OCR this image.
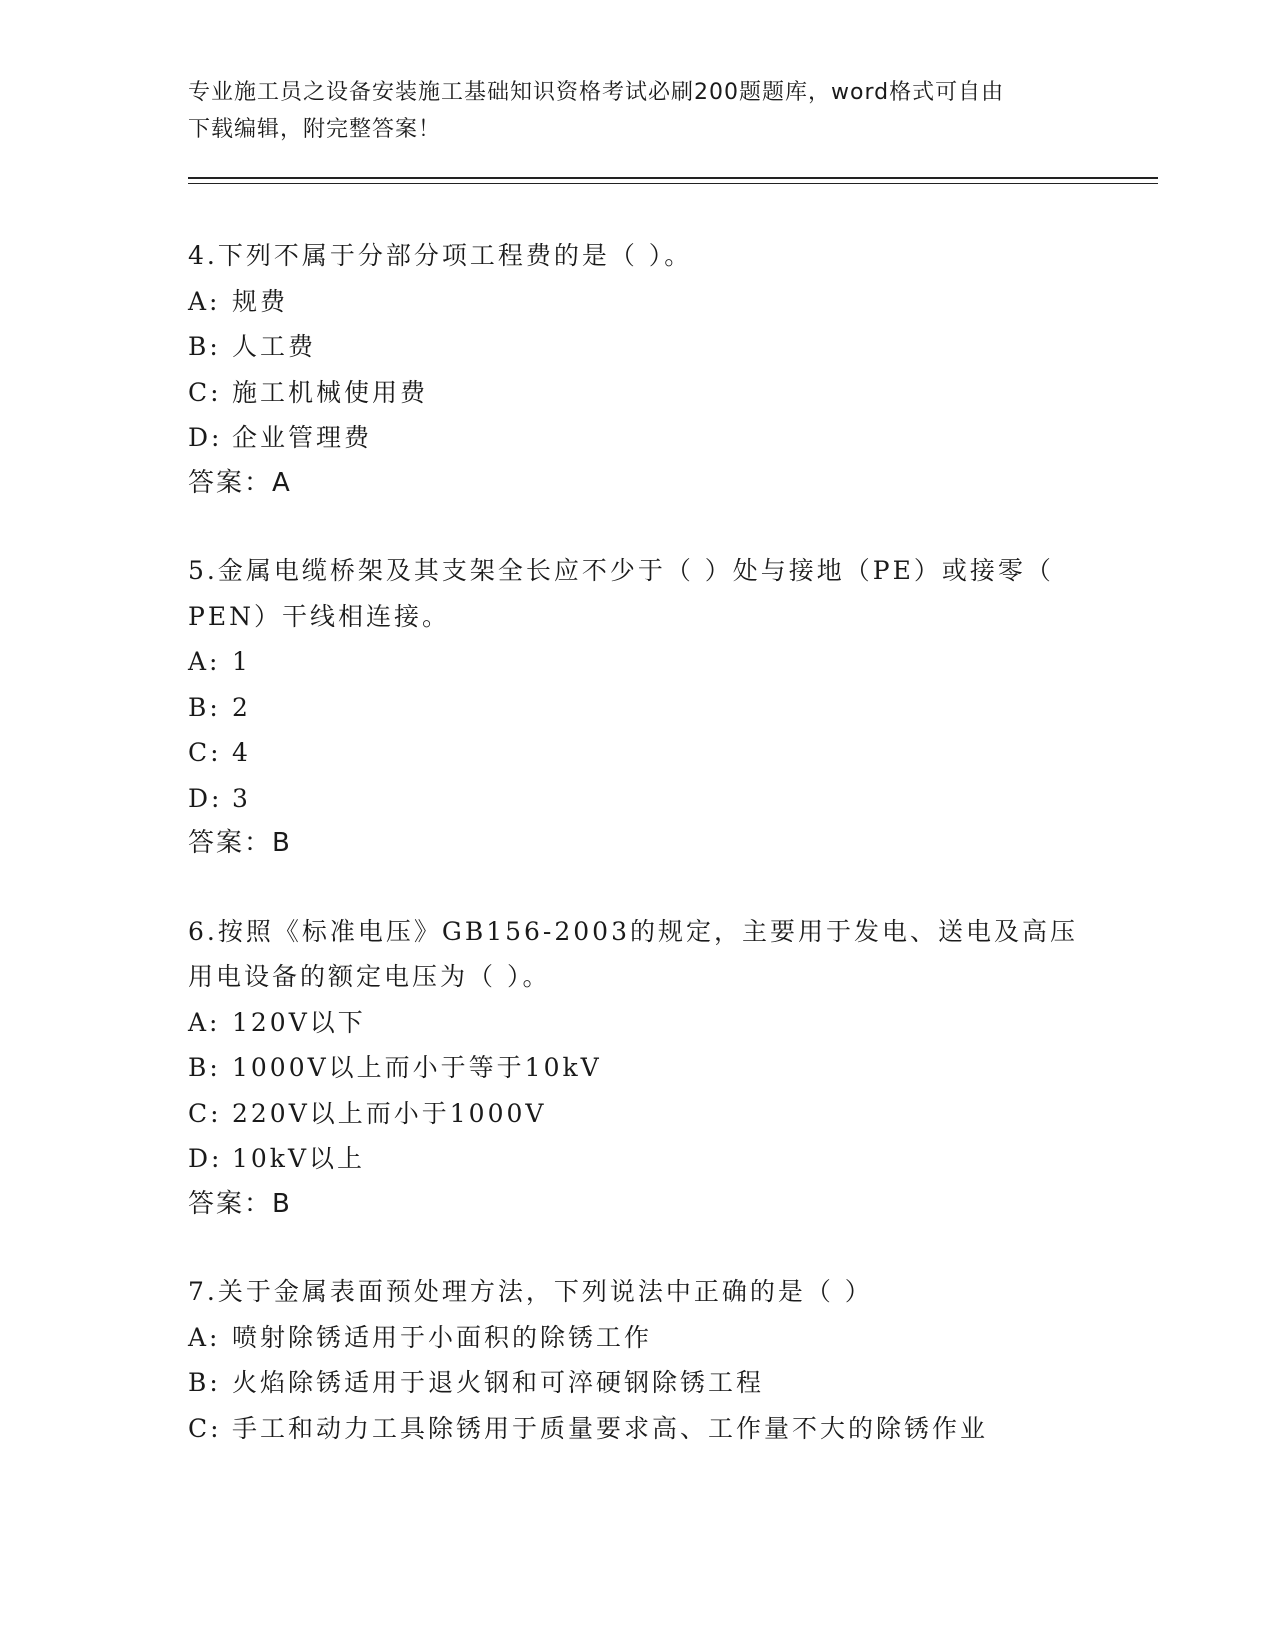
专业施工员之设备安装施工基础知识资格考试必刷200题题库，word格式可自由
下载编辑，附完整答案！
4.下列不属于分部分项工程费的是（ ）。
A: 规费
B: 人工费
C: 施工机械使用费
D: 企业管理费
答案：A
5.金属电缆桥架及其支架全长应不少于（ ）处与接地（PE）或接零（
PEN）干线相连接。
A: 1
B: 2
C: 4
D: 3
答案：B
6.按照《标准电压》GB156-2003的规定，主要用于发电、送电及高压
用电设备的额定电压为（ ）。
A: 120V以下
B: 1000V以上而小于等于10kV
C: 220V以上而小于1000V
D: 10kV以上
答案：B
7.关于金属表面预处理方法，下列说法中正确的是（ ）
A: 喷射除锈适用于小面积的除锈工作
B: 火焰除锈适用于退火钢和可淬硬钢除锈工程
C: 手工和动力工具除锈用于质量要求高、工作量不大的除锈作业
